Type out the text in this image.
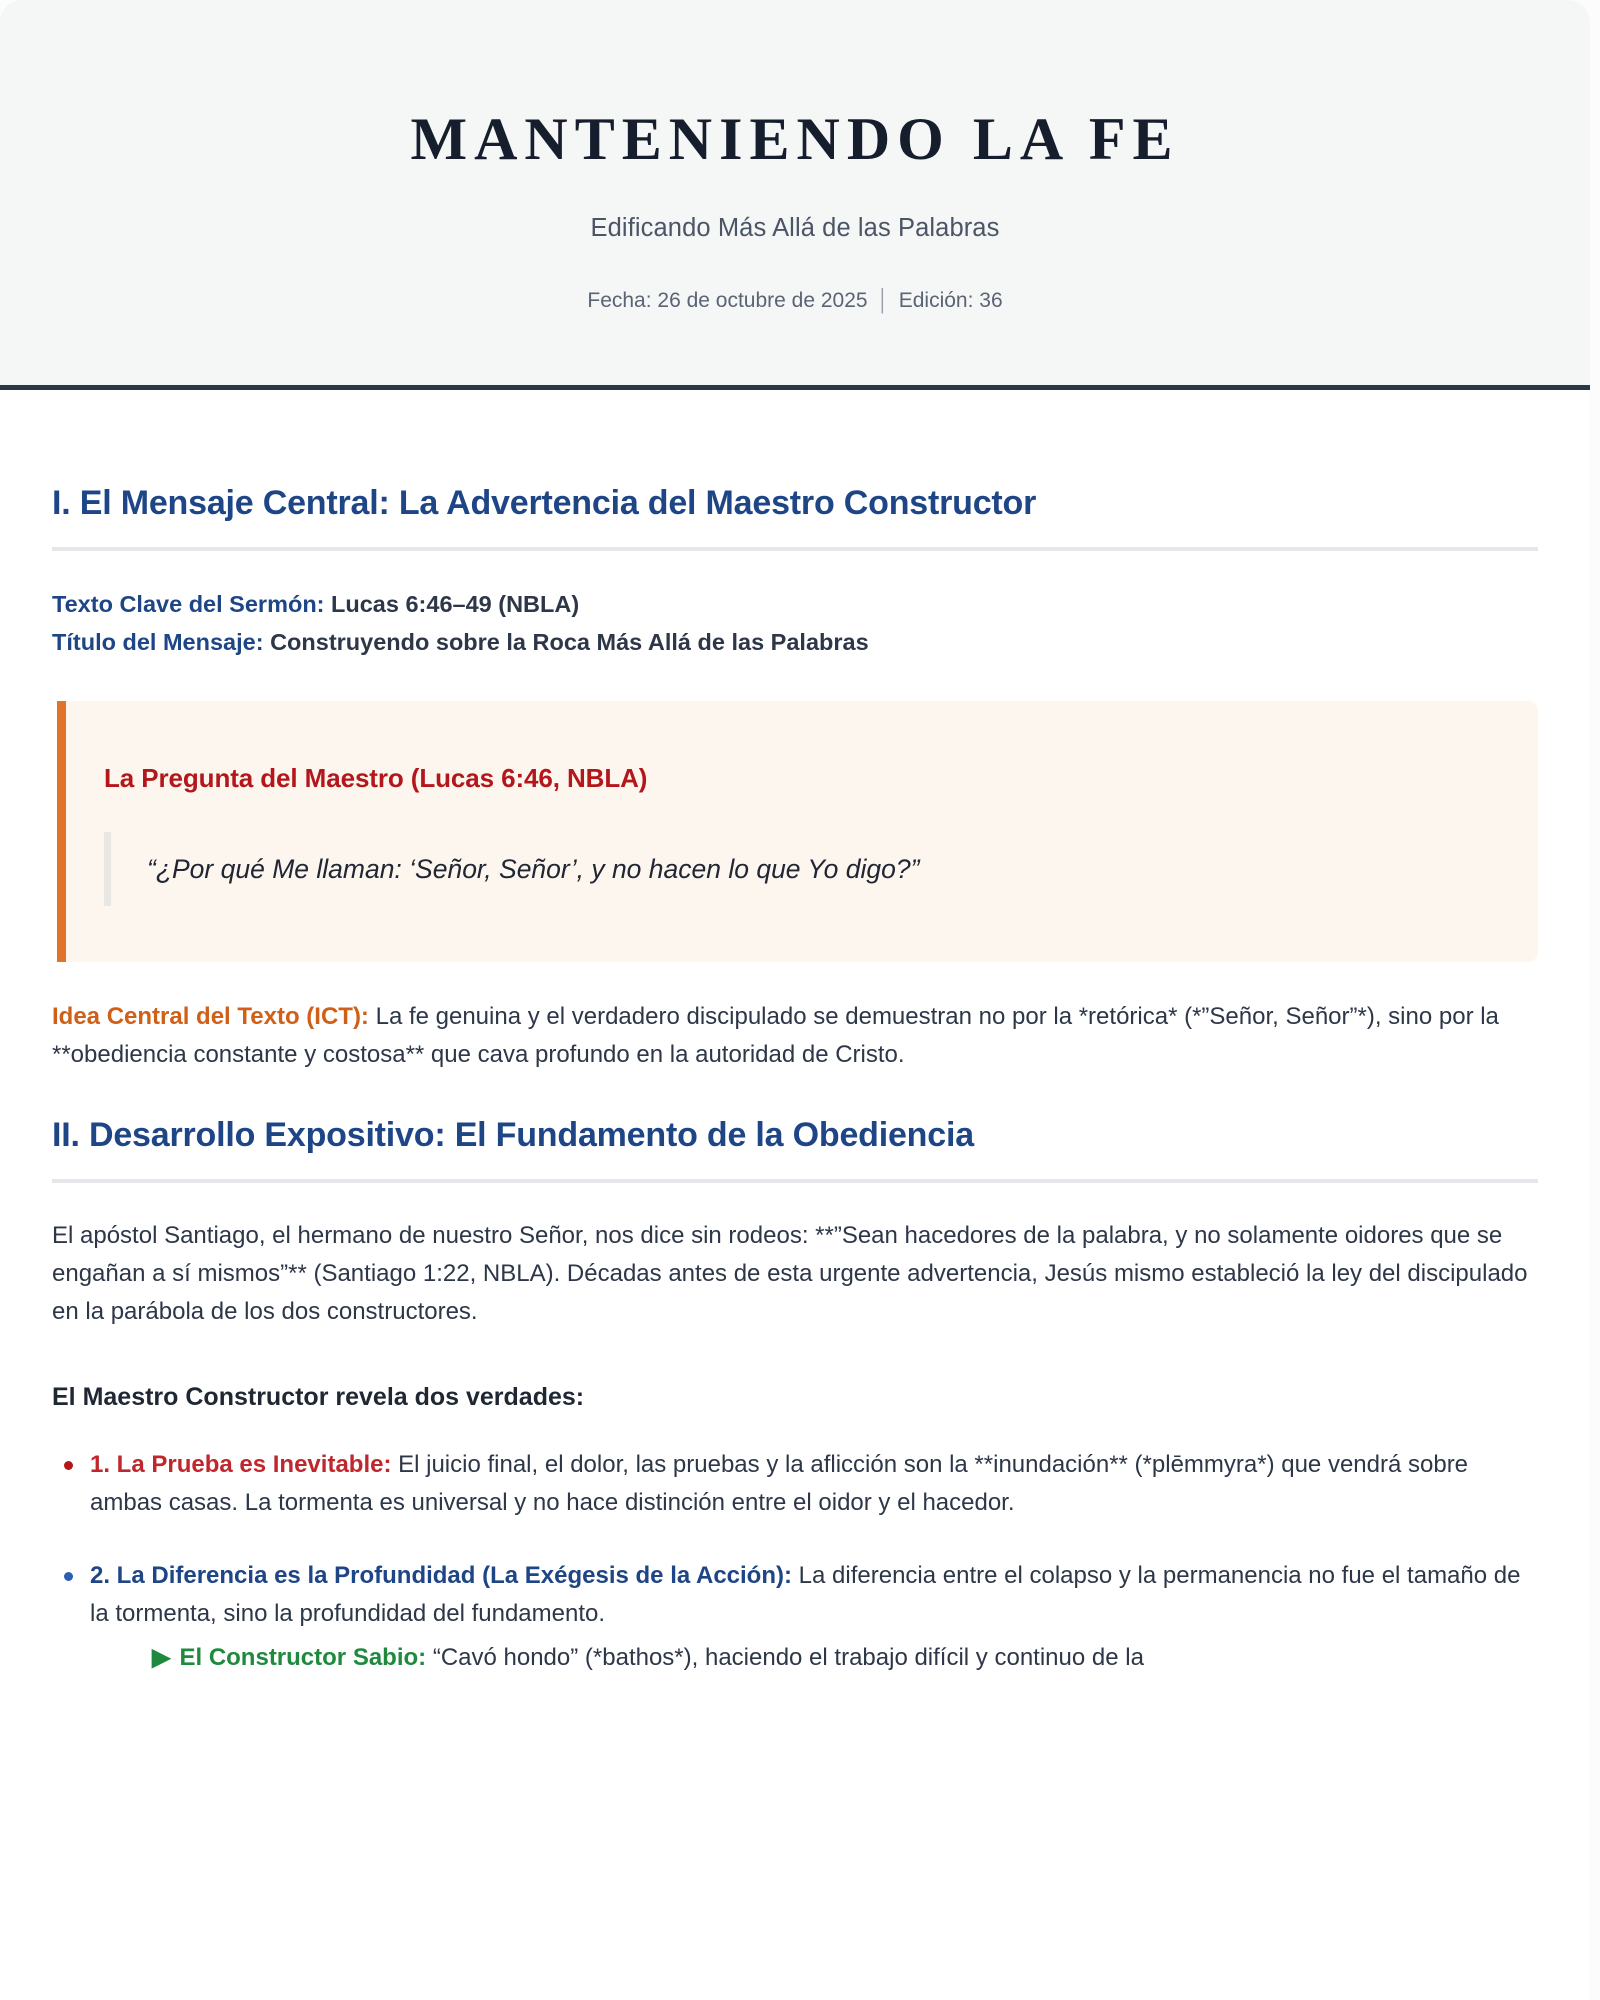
MANTENIENDO LA FE
Edificando Más Allá de las Palabras
Fecha: 26 de octubre de 2025 │ Edición: 36
I. El Mensaje Central: La Advertencia del Maestro Constructor
Texto Clave del Sermón: Lucas 6:46–49 (NBLA)
Título del Mensaje: Construyendo sobre la Roca Más Allá de las Palabras
La Pregunta del Maestro (Lucas 6:46, NBLA)
“¿Por qué Me llaman: ‘Señor, Señor’, y no hacen lo que Yo digo?”

Idea Central del Texto (ICT): La fe genuina y el verdadero discipulado se demuestran no por la *retórica* (*”Señor, Señor”*), sino por la **obediencia constante y costosa** que cava profundo en la autoridad de Cristo.

II. Desarrollo Expositivo: El Fundamento de la Obediencia

El apóstol Santiago, el hermano de nuestro Señor, nos dice sin rodeos: **”Sean hacedores de la palabra, y no solamente oidores que se engañan a sí mismos”** (Santiago 1:22, NBLA). Décadas antes de esta urgente advertencia, Jesús mismo estableció la ley del discipulado en la parábola de los dos constructores.

El Maestro Constructor revela dos verdades:

1. La Prueba es Inevitable: El juicio final, el dolor, las pruebas y la aflicción son la **inundación** (*plēmmyra*) que vendrá sobre ambas casas. La tormenta es universal y no hace distinción entre el oidor y el hacedor.
2. La Diferencia es la Profundidad (La Exégesis de la Acción): La diferencia entre el colapso y la permanencia no fue el tamaño de la tormenta, sino la profundidad del fundamento.
▶ El Constructor Sabio: “Cavó hondo” (*bathos*), haciendo el trabajo difícil y continuo de la
